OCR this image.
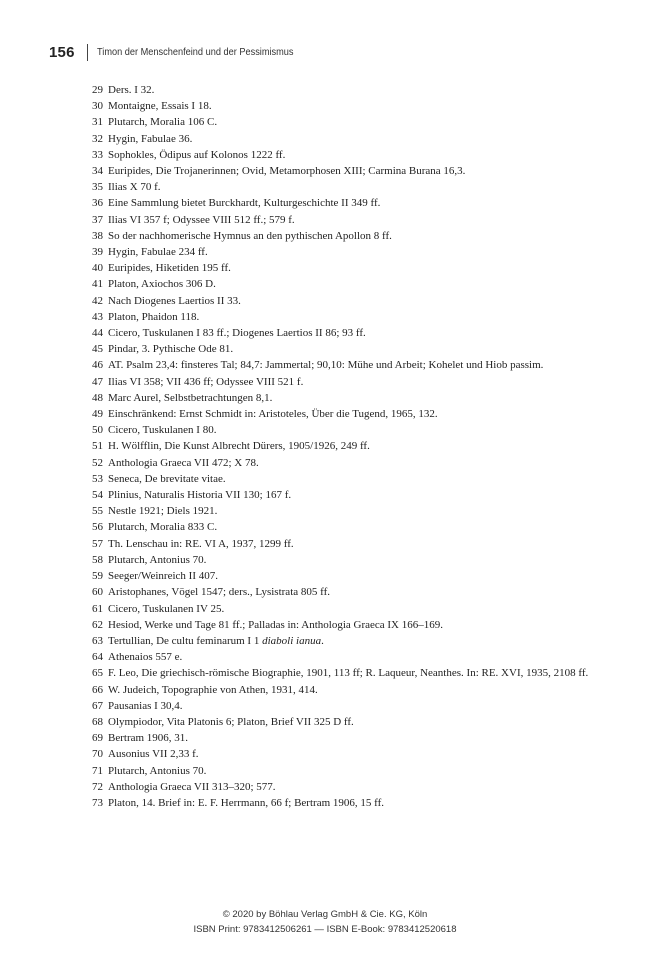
156 Timon der Menschenfeind und der Pessimismus
29 Ders. I 32.
30 Montaigne, Essais I 18.
31 Plutarch, Moralia 106 C.
32 Hygin, Fabulae 36.
33 Sophokles, Ödipus auf Kolonos 1222 ff.
34 Euripides, Die Trojanerinnen; Ovid, Metamorphosen XIII; Carmina Burana 16,3.
35 Ilias X 70 f.
36 Eine Sammlung bietet Burckhardt, Kulturgeschichte II 349 ff.
37 Ilias VI 357 f; Odyssee VIII 512 ff.; 579 f.
38 So der nachhomerische Hymnus an den pythischen Apollon 8 ff.
39 Hygin, Fabulae 234 ff.
40 Euripides, Hiketiden 195 ff.
41 Platon, Axiochos 306 D.
42 Nach Diogenes Laertios II 33.
43 Platon, Phaidon 118.
44 Cicero, Tuskulanen I 83 ff.; Diogenes Laertios II 86; 93 ff.
45 Pindar, 3. Pythische Ode 81.
46 AT. Psalm 23,4: finsteres Tal; 84,7: Jammertal; 90,10: Mühe und Arbeit; Kohelet und Hiob passim.
47 Ilias VI 358; VII 436 ff; Odyssee VIII 521 f.
48 Marc Aurel, Selbstbetrachtungen 8,1.
49 Einschränkend: Ernst Schmidt in: Aristoteles, Über die Tugend, 1965, 132.
50 Cicero, Tuskulanen I 80.
51 H. Wölfflin, Die Kunst Albrecht Dürers, 1905/1926, 249 ff.
52 Anthologia Graeca VII 472; X 78.
53 Seneca, De brevitate vitae.
54 Plinius, Naturalis Historia VII 130; 167 f.
55 Nestle 1921; Diels 1921.
56 Plutarch, Moralia 833 C.
57 Th. Lenschau in: RE. VI A, 1937, 1299 ff.
58 Plutarch, Antonius 70.
59 Seeger/Weinreich II 407.
60 Aristophanes, Vögel 1547; ders., Lysistrata 805 ff.
61 Cicero, Tuskulanen IV 25.
62 Hesiod, Werke und Tage 81 ff.; Palladas in: Anthologia Graeca IX 166–169.
63 Tertullian, De cultu feminarum I 1 diaboli ianua.
64 Athenaios 557 e.
65 F. Leo, Die griechisch-römische Biographie, 1901, 113 ff; R. Laqueur, Neanthes. In: RE. XVI, 1935, 2108 ff.
66 W. Judeich, Topographie von Athen, 1931, 414.
67 Pausanias I 30,4.
68 Olympiodor, Vita Platonis 6; Platon, Brief VII 325 D ff.
69 Bertram 1906, 31.
70 Ausonius VII 2,33 f.
71 Plutarch, Antonius 70.
72 Anthologia Graeca VII 313–320; 577.
73 Platon, 14. Brief in: E. F. Herrmann, 66 f; Bertram 1906, 15 ff.
© 2020 by Böhlau Verlag GmbH & Cie. KG, Köln
ISBN Print: 9783412506261 — ISBN E-Book: 9783412520618
